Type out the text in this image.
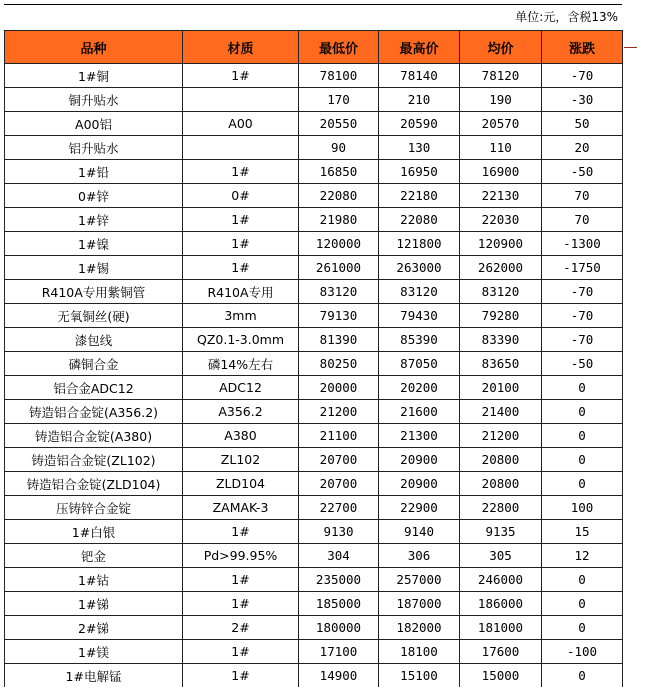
单位:元，含税13%
品种	材质	最低价	最高价	均价	涨跌
1#铜	1#	78100	78140	78120	-70
铜升贴水		170	210	190	-30
A00铝	A00	20550	20590	20570	50
铝升贴水		90	130	110	20
1#铅	1#	16850	16950	16900	-50
0#锌	0#	22080	22180	22130	70
1#锌	1#	21980	22080	22030	70
1#镍	1#	120000	121800	120900	-1300
1#锡	1#	261000	263000	262000	-1750
R410A专用紫铜管	R410A专用	83120	83120	83120	-70
无氧铜丝(硬)	3mm	79130	79430	79280	-70
漆包线	QZ0.1-3.0mm	81390	85390	83390	-70
磷铜合金	磷14%左右	80250	87050	83650	-50
铝合金ADC12	ADC12	20000	20200	20100	0
铸造铝合金锭(A356.2)	A356.2	21200	21600	21400	0
铸造铝合金锭(A380)	A380	21100	21300	21200	0
铸造铝合金锭(ZL102)	ZL102	20700	20900	20800	0
铸造铝合金锭(ZLD104)	ZLD104	20700	20900	20800	0
压铸锌合金锭	ZAMAK-3	22700	22900	22800	100
1#白银	1#	9130	9140	9135	15
钯金	Pd>99.95%	304	306	305	12
1#钴	1#	235000	257000	246000	0
1#锑	1#	185000	187000	186000	0
2#锑	2#	180000	182000	181000	0
1#镁	1#	17100	18100	17600	-100
1#电解锰	1#	14900	15100	15000	0
